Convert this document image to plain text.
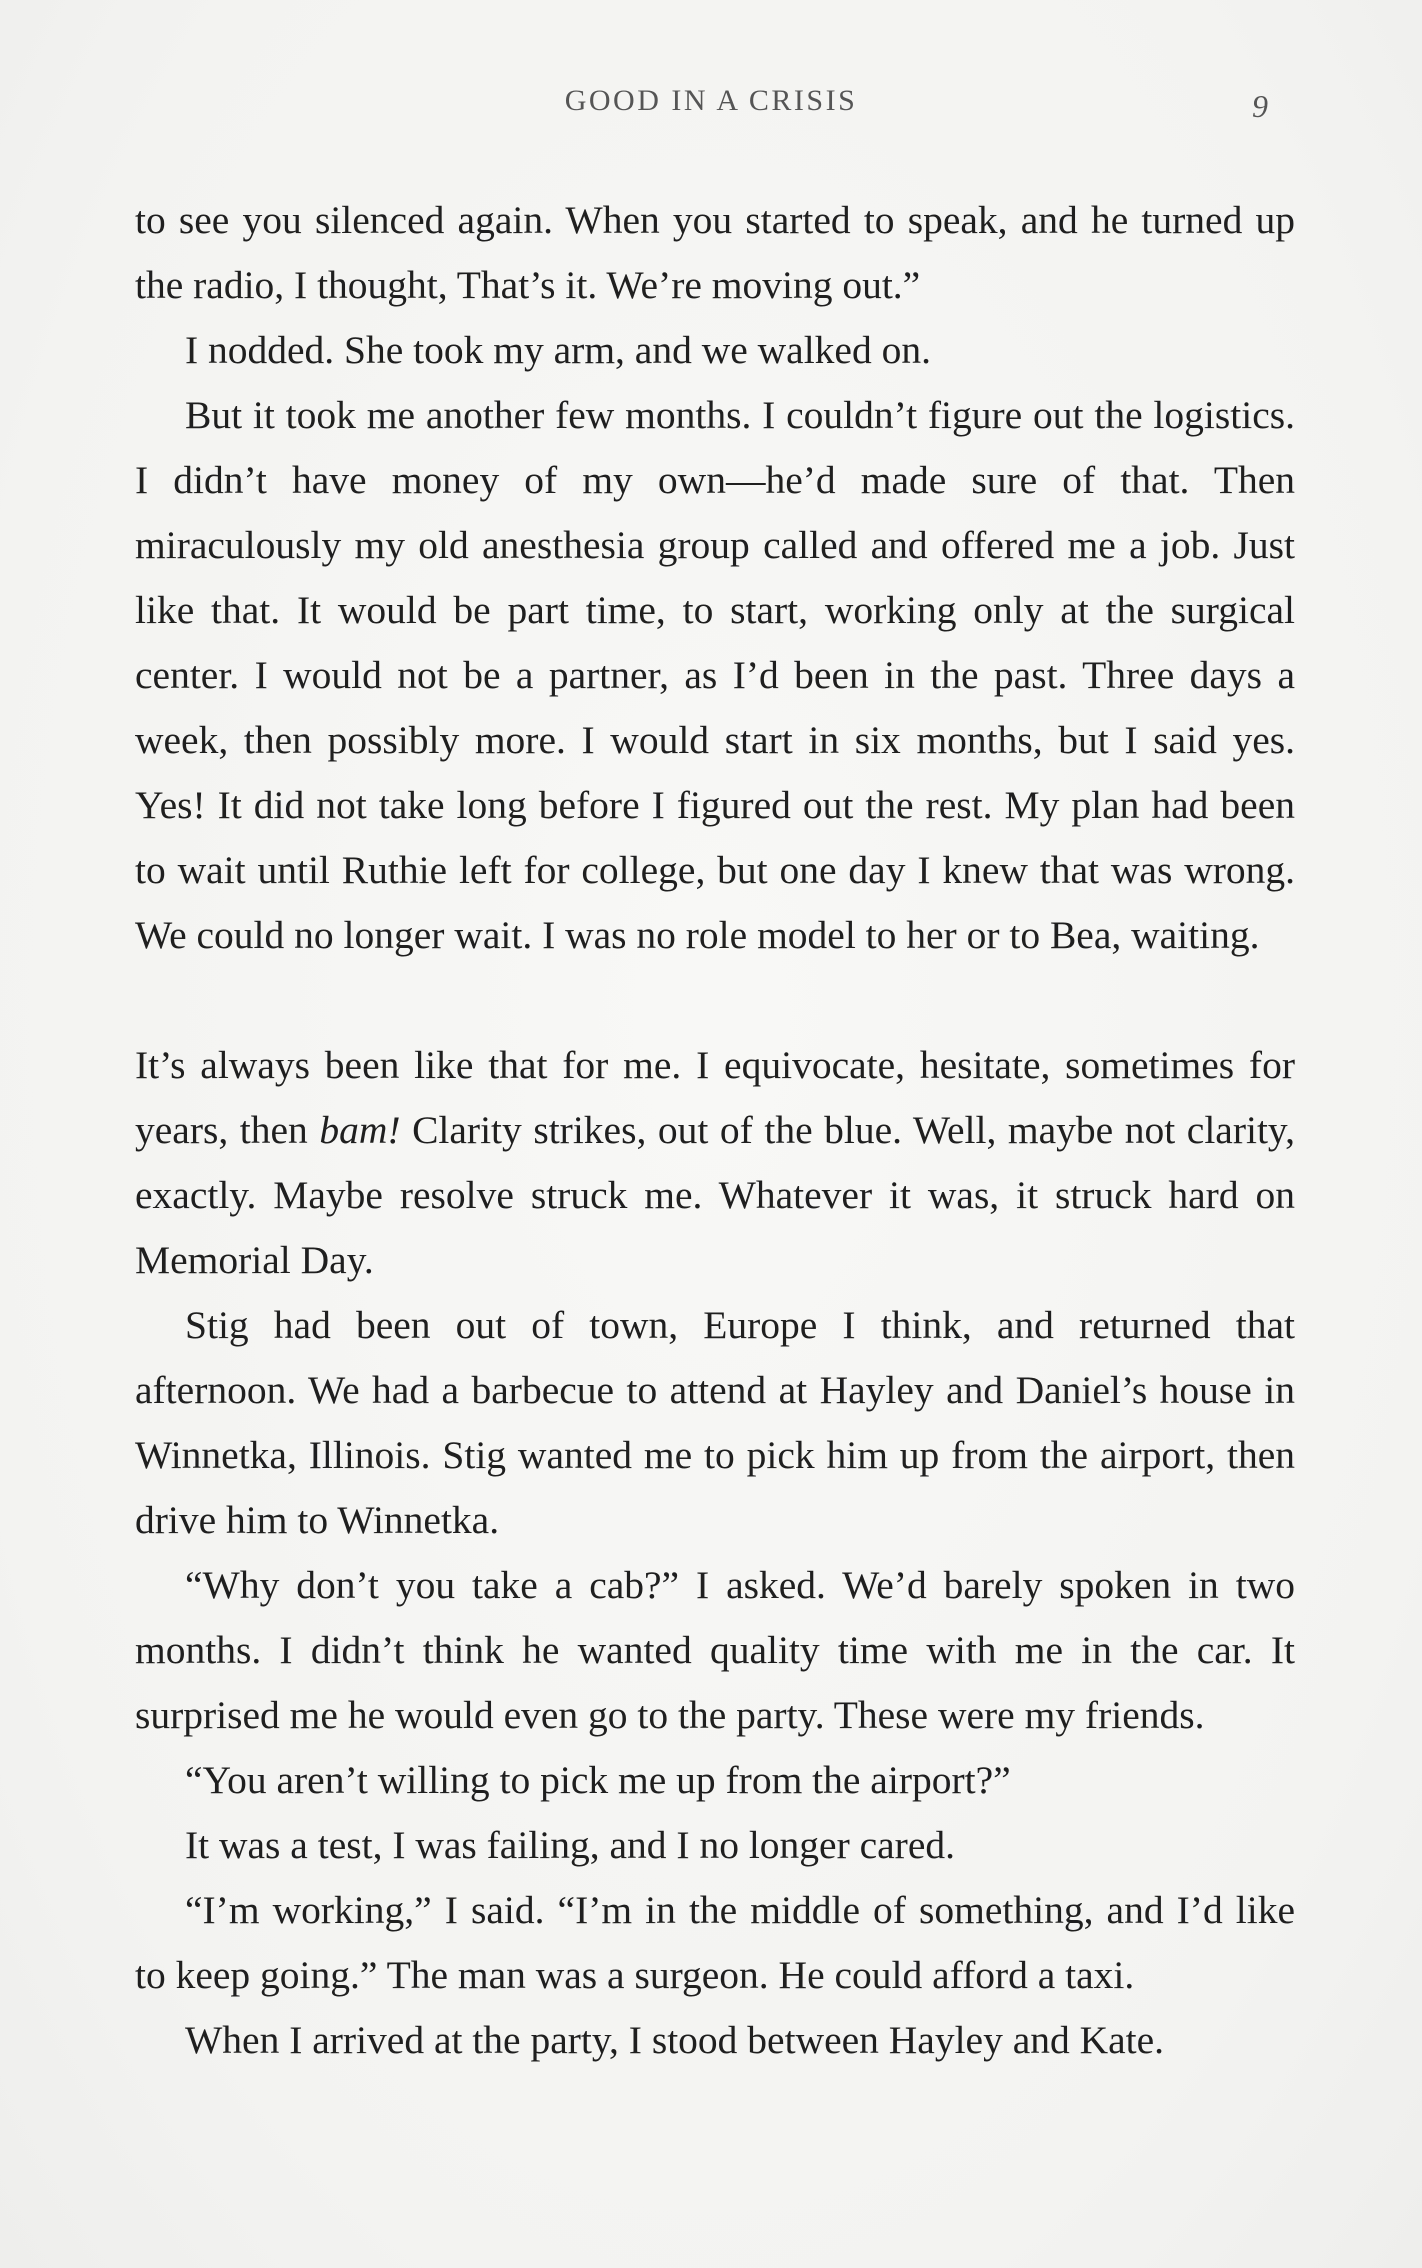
GOOD IN A CRISIS	9

to see you silenced again. When you started to speak, and he turned up the radio, I thought, That’s it. We’re moving out.”

I nodded. She took my arm, and we walked on.

But it took me another few months. I couldn’t figure out the logistics. I didn’t have money of my own—he’d made sure of that. Then miraculously my old anesthesia group called and offered me a job. Just like that. It would be part time, to start, working only at the surgical center. I would not be a partner, as I’d been in the past. Three days a week, then possibly more. I would start in six months, but I said yes. Yes! It did not take long before I figured out the rest. My plan had been to wait until Ruthie left for college, but one day I knew that was wrong. We could no longer wait. I was no role model to her or to Bea, waiting.

It’s always been like that for me. I equivocate, hesitate, sometimes for years, then bam! Clarity strikes, out of the blue. Well, maybe not clarity, exactly. Maybe resolve struck me. Whatever it was, it struck hard on Memorial Day.

Stig had been out of town, Europe I think, and returned that afternoon. We had a barbecue to attend at Hayley and Daniel’s house in Winnetka, Illinois. Stig wanted me to pick him up from the airport, then drive him to Winnetka.

“Why don’t you take a cab?” I asked. We’d barely spoken in two months. I didn’t think he wanted quality time with me in the car. It surprised me he would even go to the party. These were my friends.

“You aren’t willing to pick me up from the airport?”

It was a test, I was failing, and I no longer cared.

“I’m working,” I said. “I’m in the middle of something, and I’d like to keep going.” The man was a surgeon. He could afford a taxi.

When I arrived at the party, I stood between Hayley and Kate.
